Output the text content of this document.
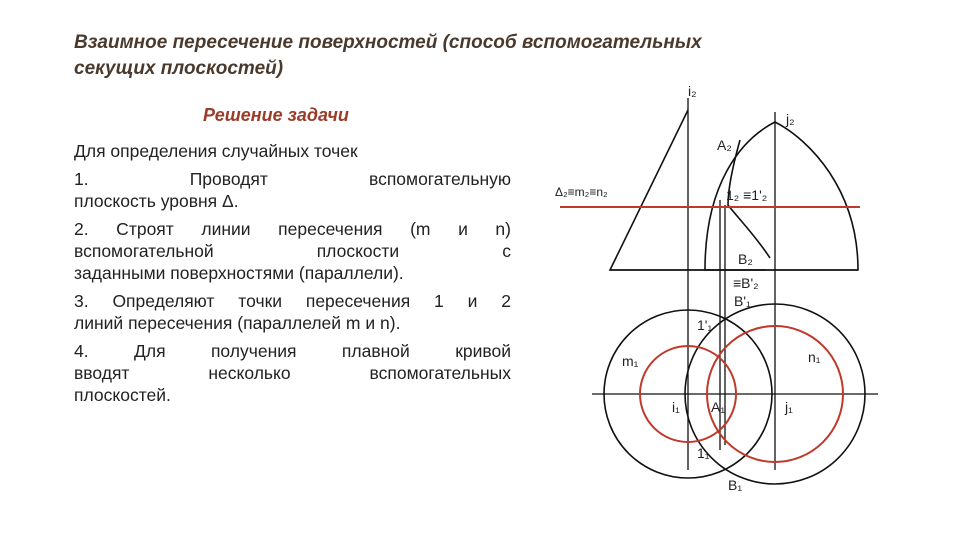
Взаимное пересечение поверхностей (способ вспомогательных
секущих плоскостей)
Решение задачи

Для определения случайных точек

1. Проводят вспомогательную
плоскость уровня Δ.

2. Строят линии пересечения (m и n)
вспомогательной плоскости с
заданными поверхностями (параллели).

3. Определяют точки пересечения 1 и 2
линий пересечения (параллелей m и n).

4. Для получения плавной кривой
вводят несколько вспомогательных
плоскостей.

i₂
j₂
A₂
Δ₂≡m₂≡n₂	1₂ ≡1'₂
B₂
≡B'₂
B'₁
1'₁
m₁	n₁
i₁ A₁	j₁
1₁
B₁
